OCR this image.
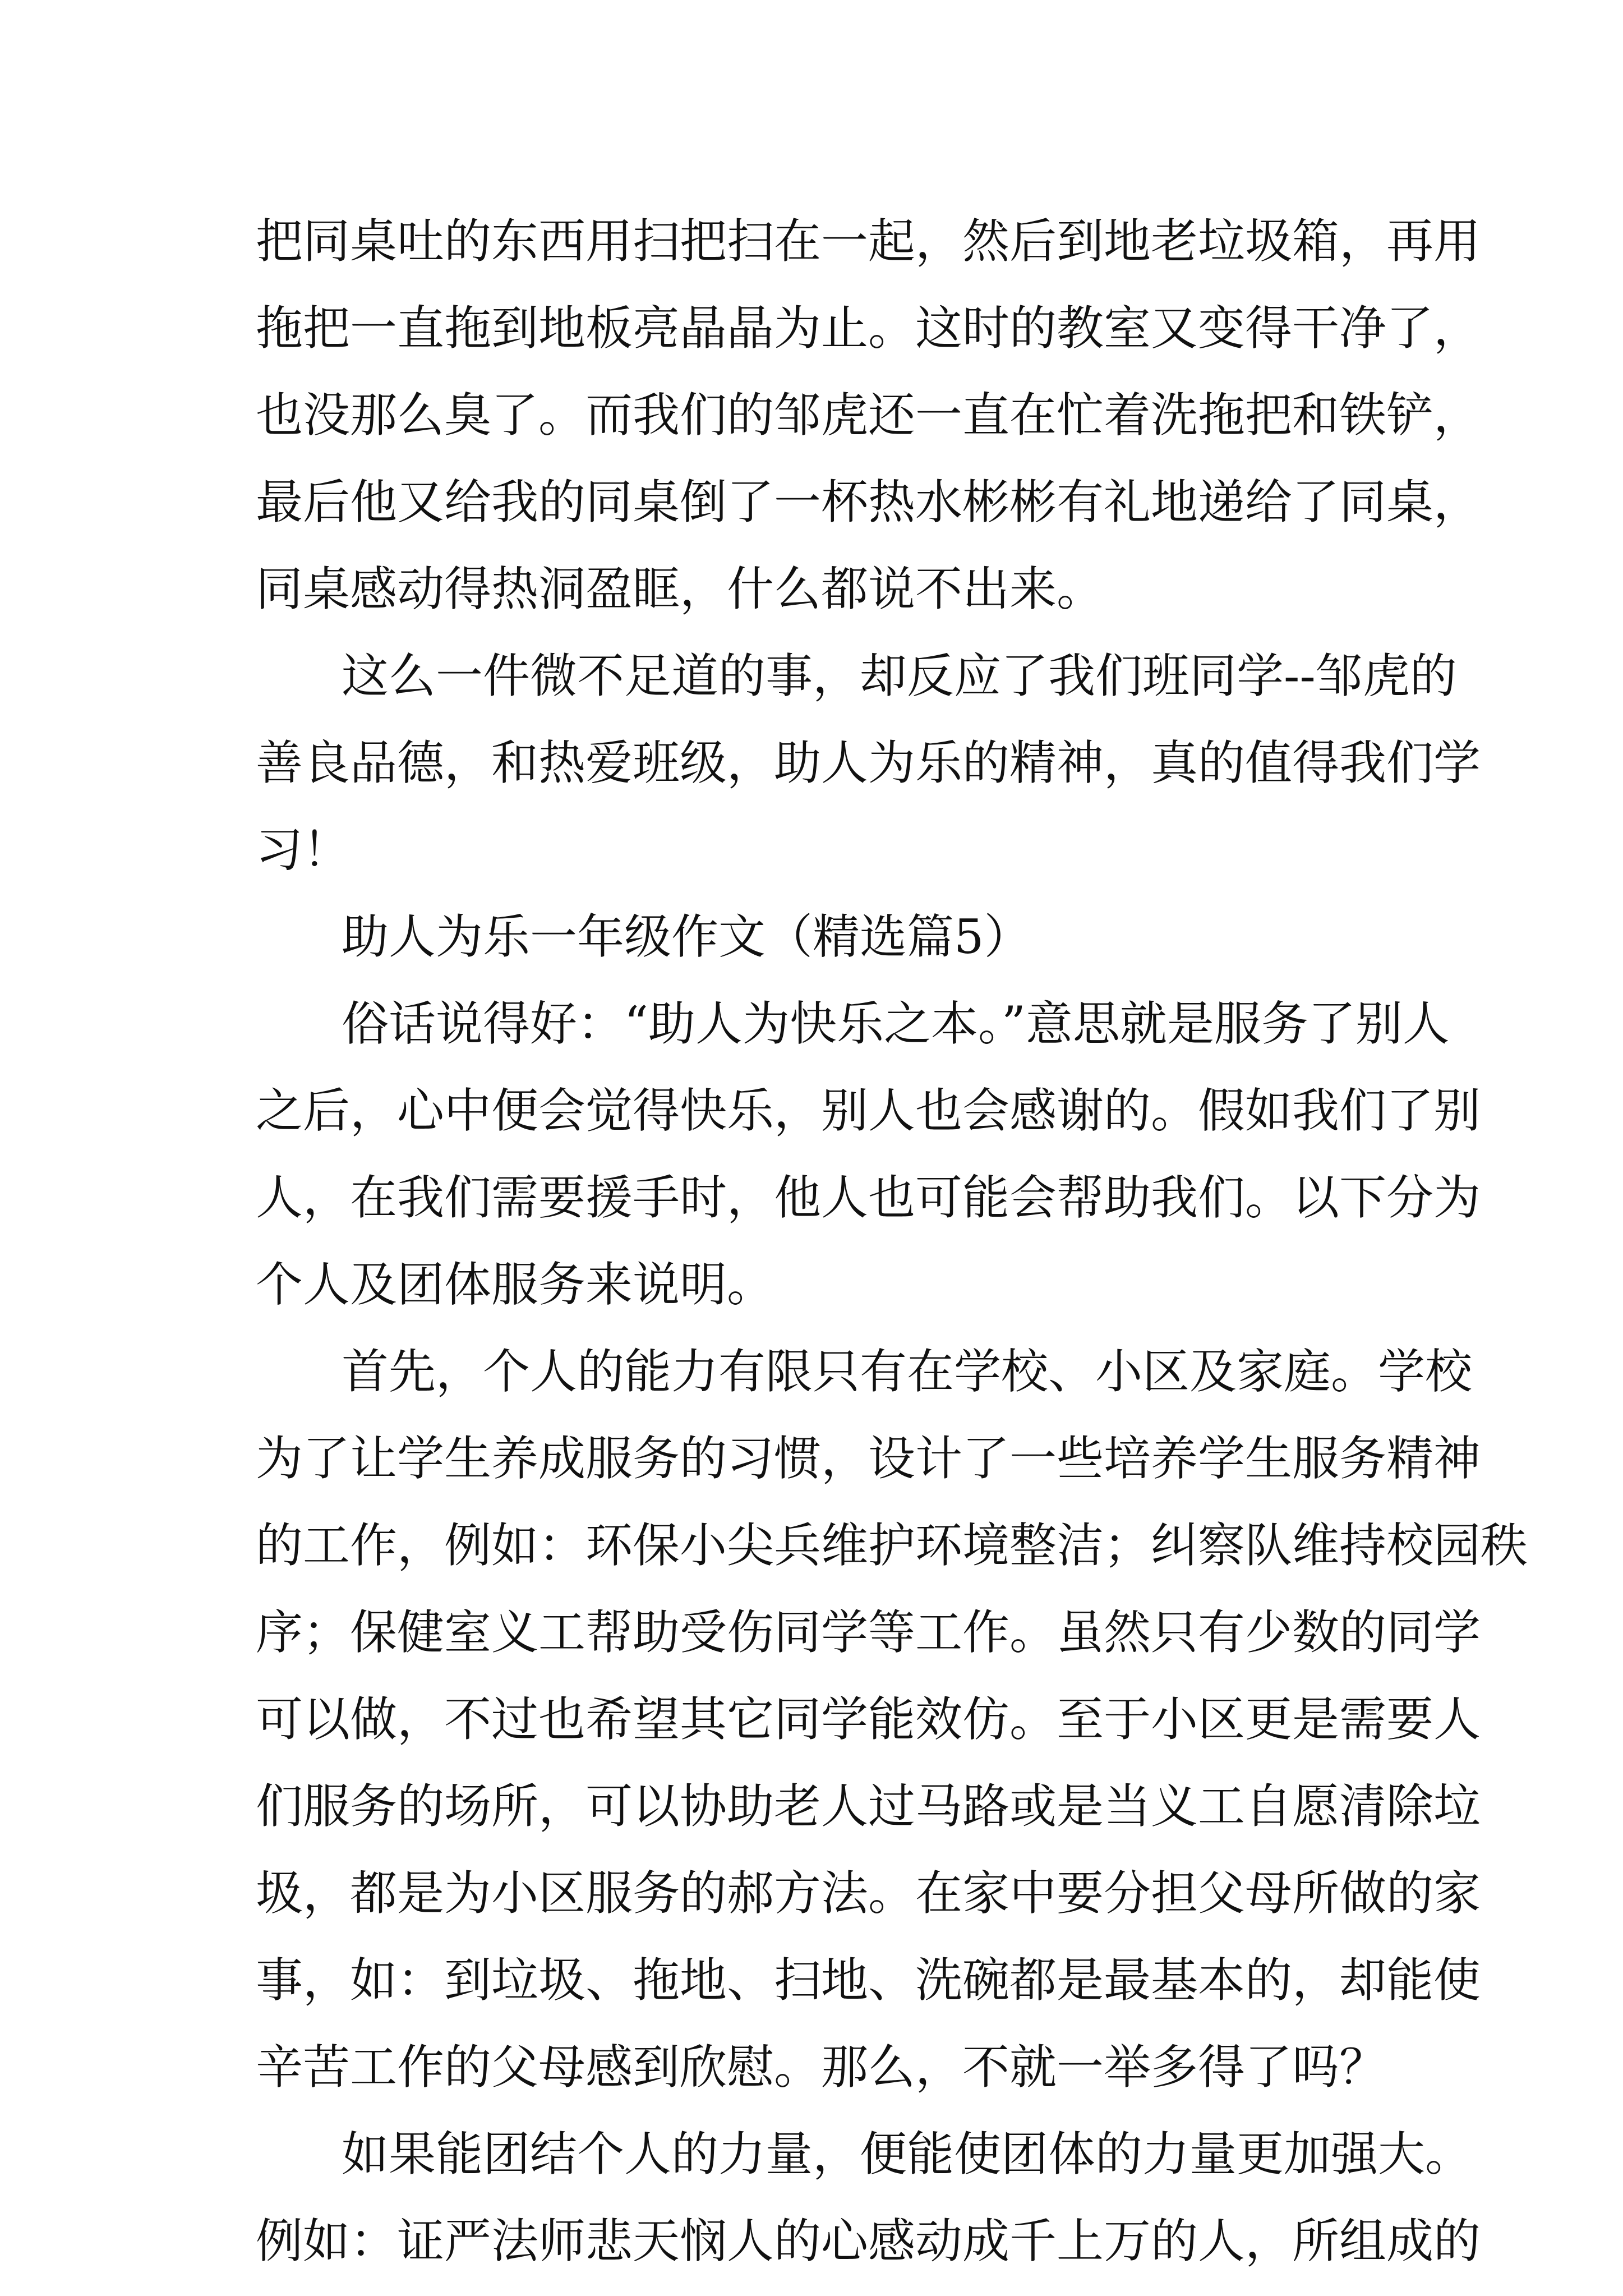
把同桌吐的东西用扫把扫在一起，然后到地老垃圾箱，再用
拖把一直拖到地板亮晶晶为止。这时的教室又变得干净了，
也没那么臭了。而我们的邹虎还一直在忙着洗拖把和铁铲，
最后他又给我的同桌倒了一杯热水彬彬有礼地递给了同桌，
同桌感动得热洞盈眶，什么都说不出来。
这么一件微不足道的事，却反应了我们班同学--邹虎的
善良品德，和热爱班级，助人为乐的精神，真的值得我们学
习！
助人为乐一年级作文（精选篇5）
俗话说得好：“助人为快乐之本。”意思就是服务了别人
之后，心中便会觉得快乐，别人也会感谢的。假如我们了别
人，在我们需要援手时，他人也可能会帮助我们。以下分为
个人及团体服务来说明。
首先，个人的能力有限只有在学校、小区及家庭。学校
为了让学生养成服务的习惯，设计了一些培养学生服务精神
的工作，例如：环保小尖兵维护环境整洁；纠察队维持校园秩
序；保健室义工帮助受伤同学等工作。虽然只有少数的同学
可以做，不过也希望其它同学能效仿。至于小区更是需要人
们服务的场所，可以协助老人过马路或是当义工自愿清除垃
圾，都是为小区服务的郝方法。在家中要分担父母所做的家
事，如：到垃圾、拖地、扫地、洗碗都是最基本的，却能使
辛苦工作的父母感到欣慰。那么，不就一举多得了吗？
如果能团结个人的力量，便能使团体的力量更加强大。
例如：证严法师悲天悯人的心感动成千上万的人，所组成的
